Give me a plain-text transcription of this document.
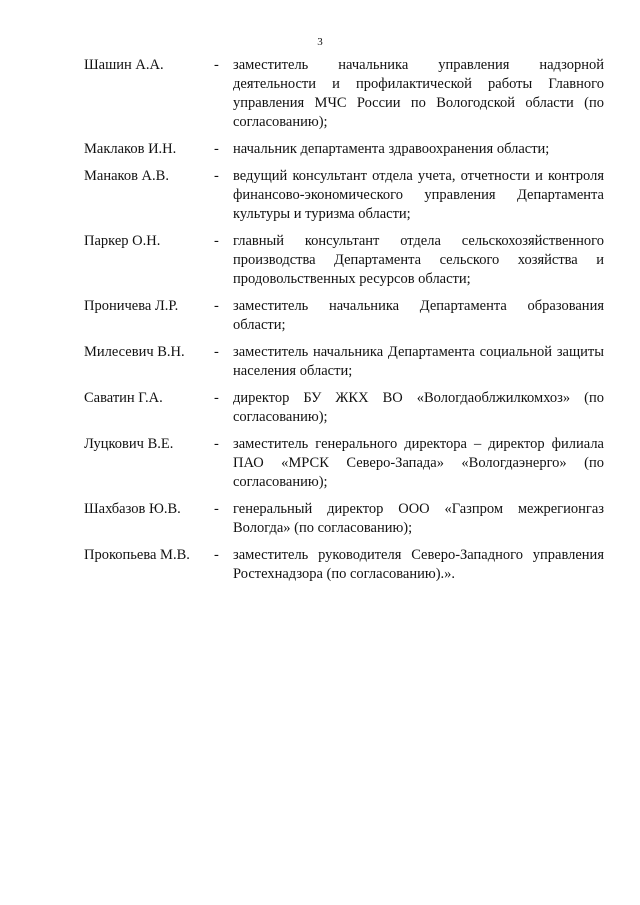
3
Шашин А.А.	- заместитель начальника управления надзорной деятельности и профилактической работы Главного управления МЧС России по Вологодской области (по согласованию);
Маклаков И.Н.	- начальник департамента здравоохранения области;
Манаков А.В.	- ведущий консультант отдела учета, отчетности и контроля финансово-экономического управления Департамента культуры и туризма области;
Паркер О.Н.	- главный консультант отдела сельскохозяйственного производства Департамента сельского хозяйства и продовольственных ресурсов области;
Проничева Л.Р.	- заместитель начальника Департамента образования области;
Милесевич В.Н.	- заместитель начальника Департамента социальной защиты населения области;
Саватин Г.А.	- директор БУ ЖКХ ВО «Вологдаоблжилкомхоз» (по согласованию);
Луцкович В.Е.	- заместитель генерального директора – директор филиала ПАО «МРСК Северо-Запада» «Вологдаэнерго» (по согласованию);
Шахбазов Ю.В.	- генеральный директор ООО «Газпром межрегионгаз Вологда» (по согласованию);
Прокопьева М.В.	- заместитель руководителя Северо-Западного управления Ростехнадзора (по согласованию).».
